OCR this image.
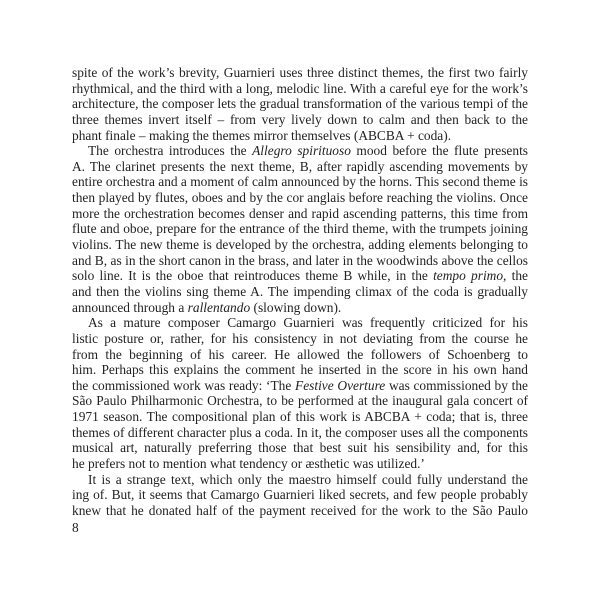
spite of the work’s brevity, Guarnieri uses three distinct themes, the first two fairly
rhythmical, and the third with a long, melodic line. With a careful eye for the work’s
architecture, the composer lets the gradual transformation of the various tempi of the
three themes invert itself – from very lively down to calm and then back to the
phant finale – making the themes mirror themselves (ABCBA + coda).
The orchestra introduces the Allegro spirituoso mood before the flute presents
A. The clarinet presents the next theme, B, after rapidly ascending movements by
entire orchestra and a moment of calm announced by the horns. This second theme is
then played by flutes, oboes and by the cor anglais before reaching the violins. Once
more the orchestration becomes denser and rapid ascending patterns, this time from
flute and oboe, prepare for the entrance of the third theme, with the trumpets joining
violins. The new theme is developed by the orchestra, adding elements belonging to
and B, as in the short canon in the brass, and later in the woodwinds above the cellos
solo line. It is the oboe that reintroduces theme B while, in the tempo primo, the
and then the violins sing theme A. The impending climax of the coda is gradually
announced through a rallentando (slowing down).
As a mature composer Camargo Guarnieri was frequently criticized for his
listic posture or, rather, for his consistency in not deviating from the course he
from the beginning of his career. He allowed the followers of Schoenberg to
him. Perhaps this explains the comment he inserted in the score in his own hand
the commissioned work was ready: ‘The Festive Overture was commissioned by the
São Paulo Philharmonic Orchestra, to be performed at the inaugural gala concert of
1971 season. The compositional plan of this work is ABCBA + coda; that is, three
themes of different character plus a coda. In it, the composer uses all the components
musical art, naturally preferring those that best suit his sensibility and, for this
he prefers not to mention what tendency or æsthetic was utilized.’
It is a strange text, which only the maestro himself could fully understand the
ing of. But, it seems that Camargo Guarnieri liked secrets, and few people probably
knew that he donated half of the payment received for the work to the São Paulo
8
